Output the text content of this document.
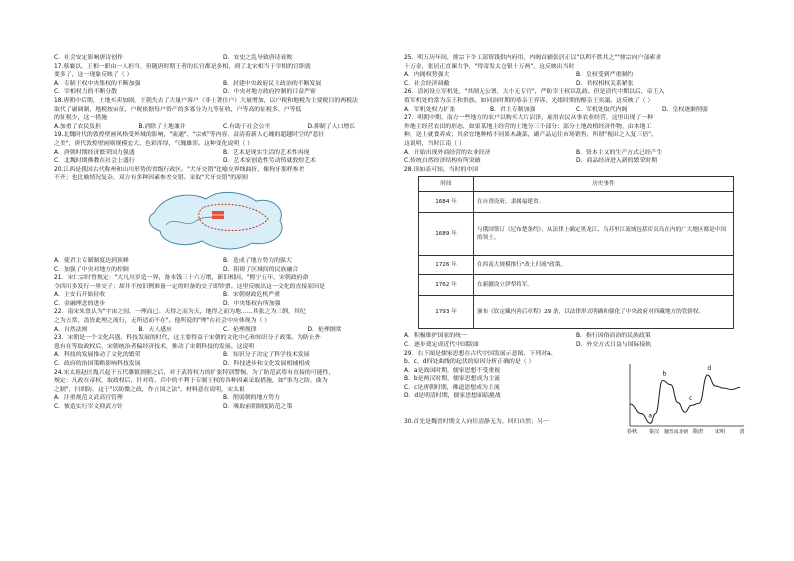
C．社会安定影响唐诗创作	D．安史之乱导致唐诗衰败
17.蔡襄以，王相一职由一人担当，但随唐时期王者的长官都是多相，到了北宋相当于宰相的官职就
要多了，这一现象反映了（ ）
A．专制王权中央集权的不断加强	B．封建中央政府民主政治的不断发展
C．宰相权力的不断分散	D．中央对地方政府控制的日益严密
18.唐朝中后期，土地买卖加剧，王朝失去了大量户客户（非土著住户）大量增加，以户税和地税为主要税目的两税法
取代了庸调制，地税按亩征，户税依据每户资产的多寡分为九等征收，户等高的征税多，户等低
的征税少，这一措施
A.加重了农民负担	B.消除了土地兼并	C.有助于社会公平	D.抑制了人口增长
19.北魏时代的敦煌壁画风格受外域的影响，"流通"、"宗戒"等内容，益清着新人心魄的超越时空的"悲壮
之美"；唐代敦煌壁画则规模宏大、色彩浑厚，气魄雄浑。这种变化说明（ ）
A．唐朝时期经济繁荣国力强盛	B．艺术是现实生活的艺术性再现
C．北魏时期佛教在社会上盛行	D．艺术家创造性劳动铸就敦煌艺术
20.江西是我国古代称州和山川形势的省级行政区。"犬牙交错"比喻交界线曲折，像狗牙那样参差
不齐；也比喻情况复杂，双方有多种因素参差交错。采取"犬牙交错"的原则
A．使君主专制制度达到顶峰	B．造成了地方势力的强大
C．加强了中央对地方的控制	D．阻碍了区域间的民族融合
21．宋仁宗时曾规定："大凡川岁造一界，备本钱三十六万缗，新旧相因。"熙宁五年，宋朝政府命
令四川多发行一界交子；却并不按旧例准备一定的时备的交子即钞票。这里反映出这一文化的直接原因是
A．主安石开始征收	B．宋朝财政危机严重
C．金融理念的进步	D．中央集权有所加强
22．南宋朱熹认为"宇宙之间，一理而已。天得之而为天，地得之而为地……其张之为三纲，其纪
之为五常，盖皆此理之流行，无所适而不在"。他所说的"理"在社会中应体现为（ ）
A．自然法则	B．天人感应	C．伦理规律	D．伦理纲常
23．宋朝是一个文化昌盛、科技发展的时代，这主要得益于宋朝的文化中心和知识分子政策。为防止外
患有在等取政权后，宋朝统治者偏经济技术，推动了宋朝科技的发展。这说明
A．科技的发展推动了文化的繁荣	B．知识分子决定了科学技术发展
C．政府的治国策略影响科技发展	D．科技进步和文化发展相辅相成
24.宋太祖赵匡胤兴起于五代藩镇割据之后，对于武将权力的扩张特别警惕，为了防范武将有直接的可能性，
规定：凡政在帝权，取政权后，针对将、兵中的不利于专制王权的各种因素采取措施，如"事为之防，曲为
之制"，扫胡防，这于"以防微之政，作立国之法"。材料意在说明，宋太祖
A．注重规范文武高官管理	B．削弱朝的地方势力
C．彼造实行宰文抑武方针	D．吸取前朝制度防范之策
25．明万历年间，排宗下令工部铸钱供内府用，内阁首辅张居正以"以利不胜其之""排宗向户部索求
十万金，张居正直谏力争，"得寄发太仓银十万两"，这反映出当时
A．内阁权势强大	B．皇权受到严重制约
C．社会经济凋敝	D．君权相权关系紧张
26．清初设立军机处，"其制无公署，大小无专官"，严防宰王权臣乱政。但是清代中期以后，帝王入
值军机处的常为亲王和贵族。如同治时期的恭亲王弈诉、光绪时期的醇亲王奕譞。这反映了（ ）
A．军机处权力扩张	B．君主专制加强	C．军机处取代内阁	D．皇权逐渐削弱
27．明朝中期，南方一些地方的农户以购买大片沼泽，雇用农民从事农业经营，这里出现了一种
外地主经营农田的形态，如果某地主经营的土地分三个部分：部分土地改植经济作物，由本地工
种，送上就食养成；其余宜地种植不同果木蔬菜，副产品运往市场销售，所谓"视田之入复三倍"。
这说明，当时江南（ ）
A．开始出现外商经营的农业经济	B．资本主义的生产方式已经产生
C.传统自然经济结构有所突破	D．商品经济进入新的繁荣时期
28.读如表可知，当时的中国
时间	历史事件
1684 年	在台湾设府，隶属福建省。
1689 年	与俄国签订《尼布楚条约》，从法律上确定黑龙江、乌苏里江流域包括库页岛在内的广大地区都是中国的领土。
1726 年	在西南大规模推行"改土归流"政策。
1762 年	在新疆设立伊犁将军。
1793 年	颁布《钦定藏内善后章程》29 条，以法律形式明确和强化了中央政府对西藏地方的管辖权。
A．积极维护国家的统一	B．指行因俗而治的民族政策
C．逐步奠定成近代中国版图	D．外交方式日益与国际接轨
29．右下图是儒家思想在古代中国发展示意图，下列对a、
b、c、d四处曲线的起伏的原因分析正确的是（ ）
A．a是战国时期，儒家思想不受重视
B．b是两汉时期，儒家思想成为主流
C．c是唐朝时期，佛道思想成为主流
D．d是明清时期，儒家思想面临挑战
30.首先是魏晋时期文人向往清静无为、回归自然；另一
a
b
c
d
春秋 秦汉 魏晋南北朝 隋唐 宋明	清
